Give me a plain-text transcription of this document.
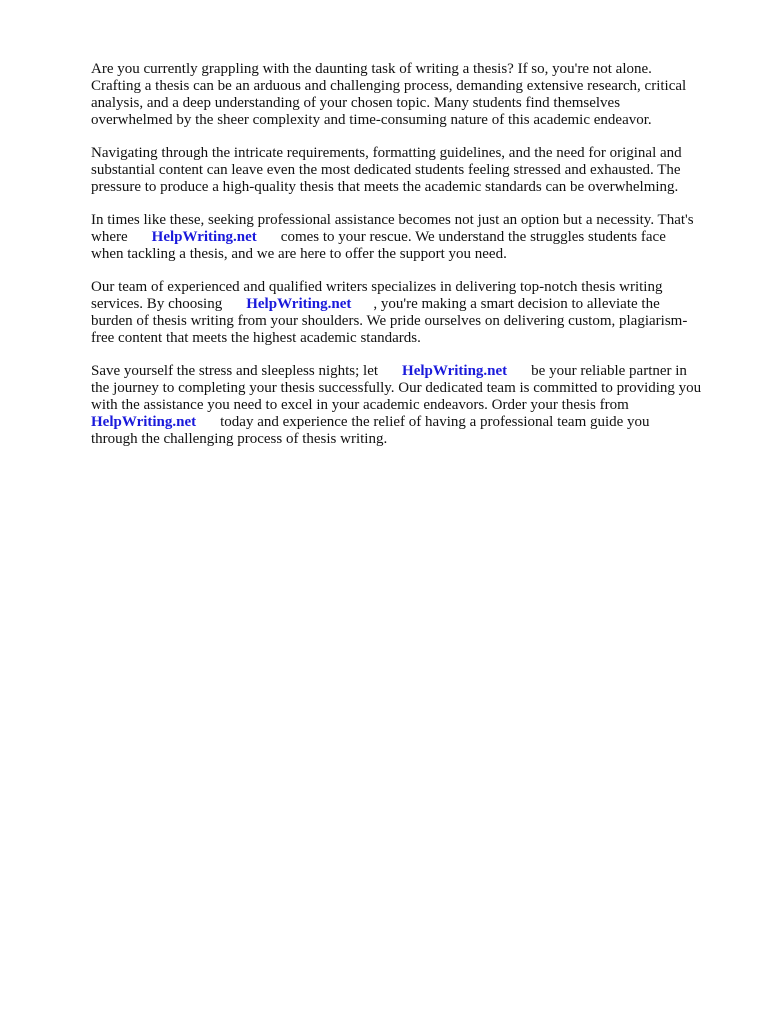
Are you currently grappling with the daunting task of writing a thesis? If so, you're not alone.
Crafting a thesis can be an arduous and challenging process, demanding extensive research, critical
analysis, and a deep understanding of your chosen topic. Many students find themselves
overwhelmed by the sheer complexity and time-consuming nature of this academic endeavor.

Navigating through the intricate requirements, formatting guidelines, and the need for original and
substantial content can leave even the most dedicated students feeling stressed and exhausted. The
pressure to produce a high-quality thesis that meets the academic standards can be overwhelming.

In times like these, seeking professional assistance becomes not just an option but a necessity. That's
where HelpWriting.net comes to your rescue. We understand the struggles students face
when tackling a thesis, and we are here to offer the support you need.

Our team of experienced and qualified writers specializes in delivering top-notch thesis writing
services. By choosing HelpWriting.net , you're making a smart decision to alleviate the
burden of thesis writing from your shoulders. We pride ourselves on delivering custom, plagiarism-
free content that meets the highest academic standards.

Save yourself the stress and sleepless nights; let HelpWriting.net be your reliable partner in
the journey to completing your thesis successfully. Our dedicated team is committed to providing you
with the assistance you need to excel in your academic endeavors. Order your thesis from
HelpWriting.net today and experience the relief of having a professional team guide you
through the challenging process of thesis writing.
